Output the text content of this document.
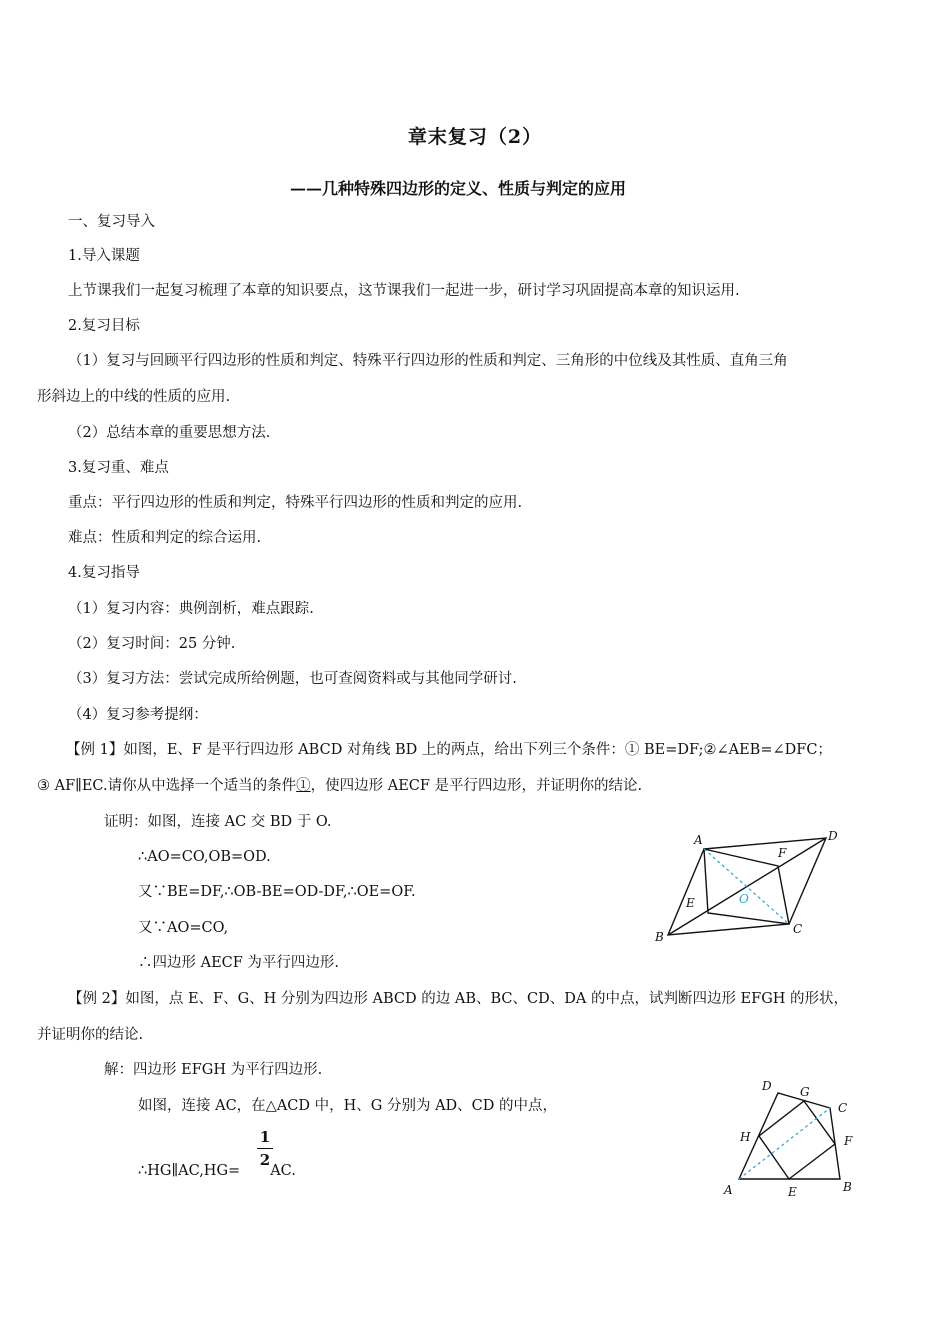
章末复习（2）
——几种特殊四边形的定义、性质与判定的应用
一、复习导入
1.导入课题
上节课我们一起复习梳理了本章的知识要点，这节课我们一起进一步，研讨学习巩固提高本章的知识运用.
2.复习目标
（1）复习与回顾平行四边形的性质和判定、特殊平行四边形的性质和判定、三角形的中位线及其性质、直角三角
形斜边上的中线的性质的应用.
（2）总结本章的重要思想方法.
3.复习重、难点
重点：平行四边形的性质和判定，特殊平行四边形的性质和判定的应用.
难点：性质和判定的综合运用.
4.复习指导
（1）复习内容：典例剖析，难点跟踪.
（2）复习时间：25 分钟.
（3）复习方法：尝试完成所给例题，也可查阅资料或与其他同学研讨.
（4）复习参考提纲：
【例 1】如图，E、F 是平行四边形 ABCD 对角线 BD 上的两点，给出下列三个条件：① BE=DF;②∠AEB=∠DFC；
③ AF∥EC.请你从中选择一个适当的条件①，使四边形 AECF 是平行四边形，并证明你的结论.
证明：如图，连接 AC 交 BD 于 O.
∴AO=CO,OB=OD.
又∵BE=DF,∴OB-BE=OD-DF,∴OE=OF.
又∵AO=CO,
∴四边形 AECF 为平行四边形.
A
B
C
D
E
F
O
【例 2】如图，点 E、F、G、H 分别为四边形 ABCD 的边 AB、BC、CD、DA 的中点，试判断四边形 EFGH 的形状，
并证明你的结论.
解：四边形 EFGH 为平行四边形.
如图，连接 AC，在△ACD 中，H、G 分别为 AD、CD 的中点，
∴HG∥AC,HG= AC.
1
2
A	B
C
D
E
F
G
H
